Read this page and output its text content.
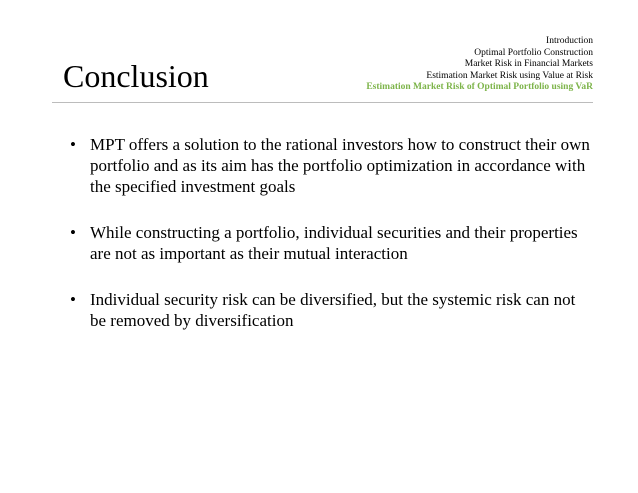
Conclusion
Introduction
Optimal Portfolio Construction
Market Risk in Financial Markets
Estimation Market Risk using Value at Risk
Estimation Market Risk of Optimal Portfolio using VaR
• MPT offers a solution to the rational investors how to construct their own portfolio and as its aim has the portfolio optimization in accordance with the specified investment goals
• While constructing a portfolio, individual securities and their properties are not as important as their mutual interaction
• Individual security risk can be diversified, but the systemic risk can not be removed by diversification
